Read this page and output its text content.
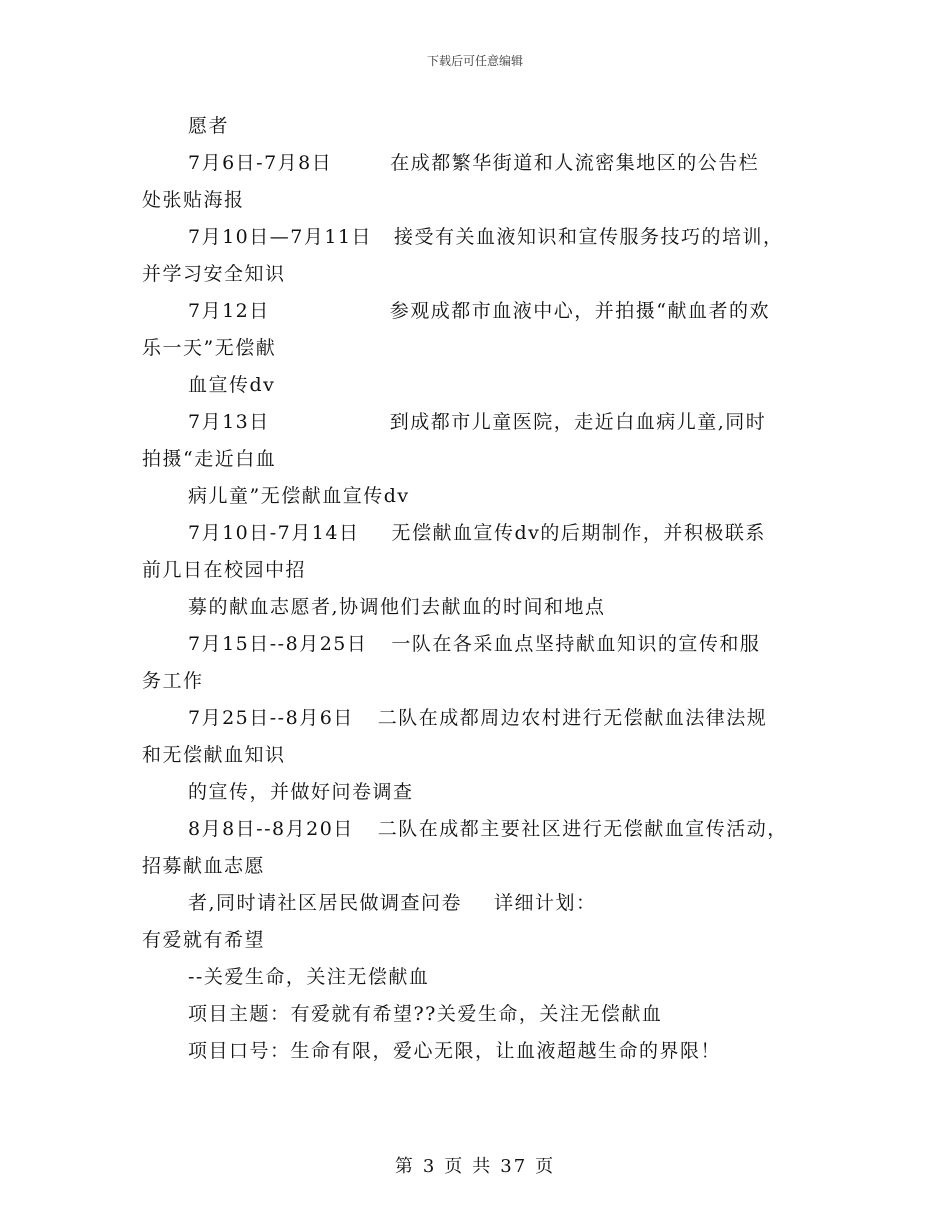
下载后可任意编辑
愿者
7月6日-7月8日	在成都繁华街道和人流密集地区的公告栏
处张贴海报
7月10日—7月11日 接受有关血液知识和宣传服务技巧的培训，
并学习安全知识
7月12日	参观成都市血液中心，并拍摄“献血者的欢
乐一天”无偿献
血宣传dv
7月13日	到成都市儿童医院，走近白血病儿童,同时
拍摄“走近白血
病儿童”无偿献血宣传dv
7月10日-7月14日 无偿献血宣传dv的后期制作，并积极联系
前几日在校园中招
募的献血志愿者,协调他们去献血的时间和地点
7月15日--8月25日 一队在各采血点坚持献血知识的宣传和服
务工作
7月25日--8月6日 二队在成都周边农村进行无偿献血法律法规
和无偿献血知识
的宣传，并做好问卷调查
8月8日--8月20日 二队在成都主要社区进行无偿献血宣传活动，
招募献血志愿
者,同时请社区居民做调查问卷 详细计划：
有爱就有希望
--关爱生命，关注无偿献血
项目主题：有爱就有希望??关爱生命，关注无偿献血
项目口号：生命有限，爱心无限，让血液超越生命的界限！
第 3 页 共 37 页
